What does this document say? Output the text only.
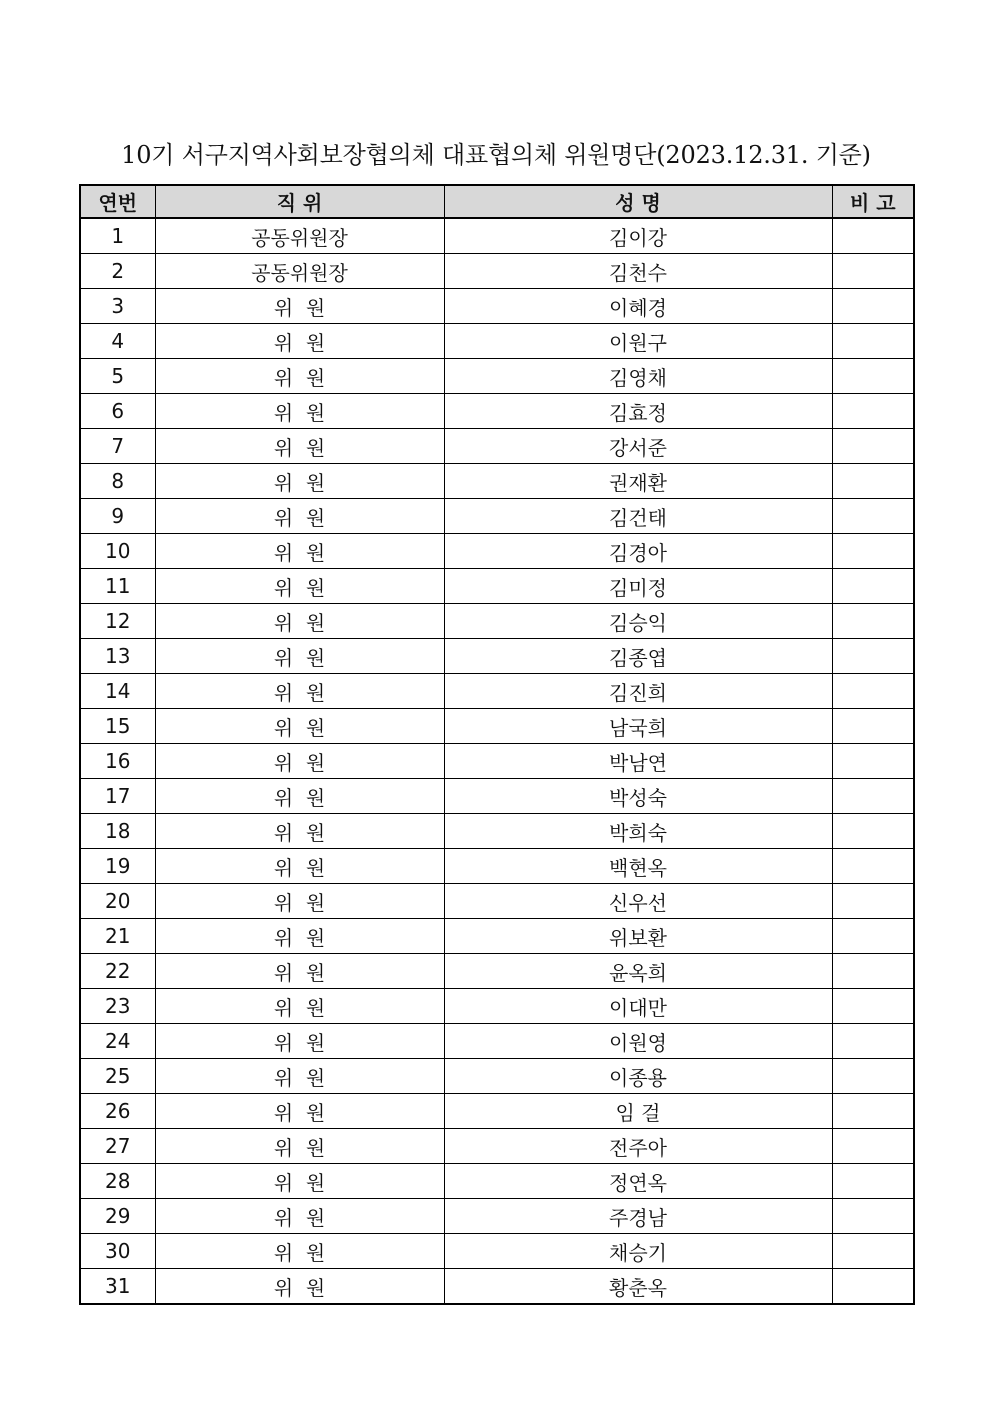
10기 서구지역사회보장협의체 대표협의체 위원명단(2023.12.31. 기준)
연번	직 위	성 명	비 고
1	공동위원장	김이강	
2	공동위원장	김천수	
3	위  원	이혜경	
4	위  원	이원구	
5	위  원	김영채	
6	위  원	김효정	
7	위  원	강서준	
8	위  원	권재환	
9	위  원	김건태	
10	위  원	김경아	
11	위  원	김미정	
12	위  원	김승익	
13	위  원	김종엽	
14	위  원	김진희	
15	위  원	남국희	
16	위  원	박남연	
17	위  원	박성숙	
18	위  원	박희숙	
19	위  원	백현옥	
20	위  원	신우선	
21	위  원	위보환	
22	위  원	윤옥희	
23	위  원	이대만	
24	위  원	이원영	
25	위  원	이종용	
26	위  원	임 걸	
27	위  원	전주아	
28	위  원	정연옥	
29	위  원	주경남	
30	위  원	채승기	
31	위  원	황춘옥	
